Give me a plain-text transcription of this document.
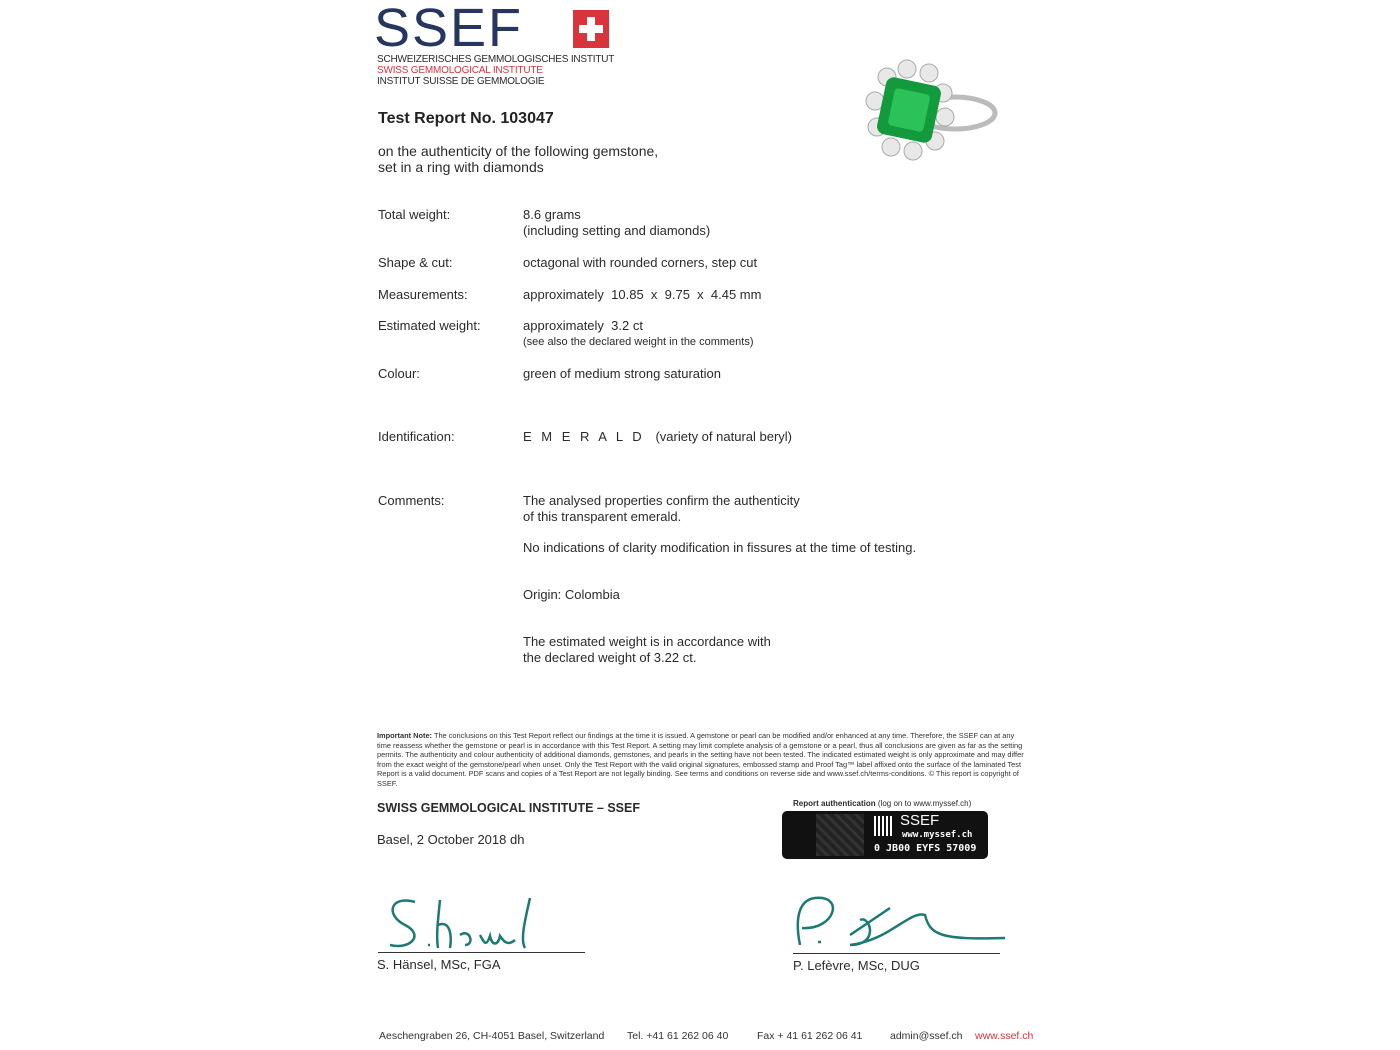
SSEF
SCHWEIZERISCHES GEMMOLOGISCHES INSTITUT
SWISS GEMMOLOGICAL INSTITUTE
INSTITUT SUISSE DE GEMMOLOGIE
Test Report No. 103047
on the authenticity of the following gemstone,
set in a ring with diamonds
Total weight:	8.6 grams
(including setting and diamonds)
Shape & cut:	octagonal with rounded corners, step cut
Measurements:	approximately  10.85  x  9.75  x  4.45 mm
Estimated weight:	approximately  3.2 ct
(see also the declared weight in the comments)
Colour:	green of medium strong saturation
Identification:	E M E R A L D (variety of natural beryl)
Comments:	The analysed properties confirm the authenticity
of this transparent emerald.
No indications of clarity modification in fissures at the time of testing.
Origin: Colombia
The estimated weight is in accordance with
the declared weight of 3.22 ct.
Important Note: The conclusions on this Test Report reflect our findings at the time it is issued. A gemstone or pearl can be modified and/or enhanced at any time. Therefore, the SSEF can at any time reassess whether the gemstone or pearl is in accordance with this Test Report. A setting may limit complete analysis of a gemstone or a pearl, thus all conclusions are given as far as the setting permits. The authenticity and colour authenticity of additional diamonds, gemstones, and pearls in the setting have not been tested. The indicated estimated weight is only approximate and may differ from the exact weight of the gemstone/pearl when unset. Only the Test Report with the valid original signatures, embossed stamp and Proof Tag™ label affixed onto the surface of the laminated Test Report is a valid document. PDF scans and copies of a Test Report are not legally binding. See terms and conditions on reverse side and www.ssef.ch/terms-conditions. © This report is copyright of SSEF.
SWISS GEMMOLOGICAL INSTITUTE – SSEF
Basel, 2 October 2018 dh
Report authentication (log on to www.myssef.ch)
SSEF
www.myssef.ch
0 JB00 EYFS 57009
S. Hänsel, MSc, FGA	P. Lefèvre, MSc, DUG
Aeschengraben 26, CH-4051 Basel, Switzerland Tel. +41 61 262 06 40	Fax + 41 61 262 06 41	admin@ssef.ch www.ssef.ch
